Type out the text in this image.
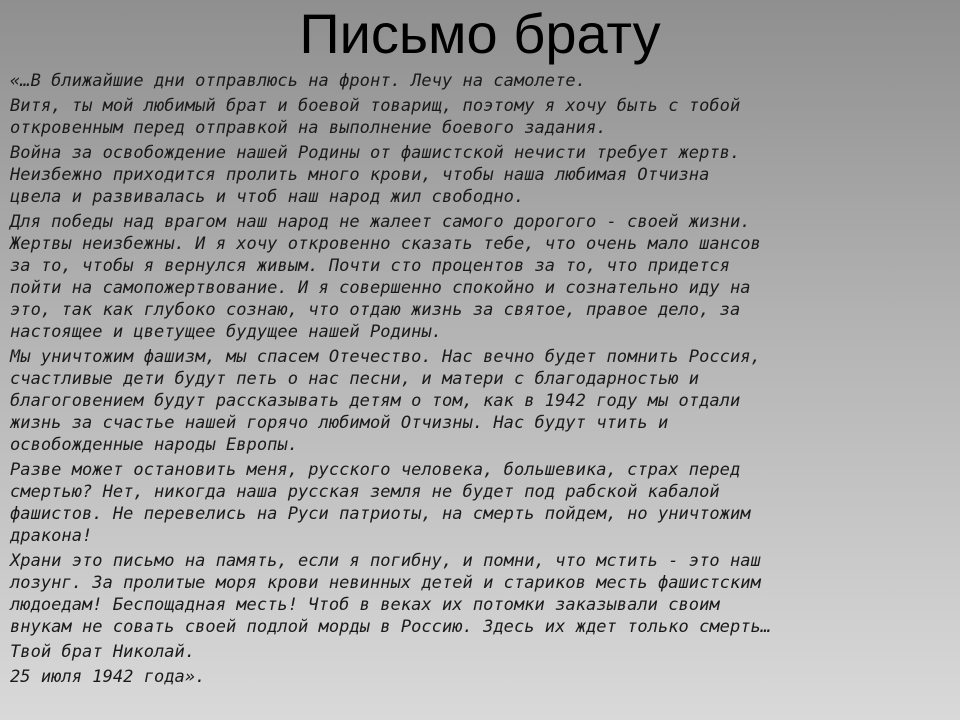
Письмо брату
«…В ближайшие дни отправлюсь на фронт. Лечу на самолете.
Витя, ты мой любимый брат и боевой товарищ, поэтому я хочу быть с тобой
откровенным перед отправкой на выполнение боевого задания.
Война за освобождение нашей Родины от фашистской нечисти требует жертв.
Неизбежно приходится пролить много крови, чтобы наша любимая Отчизна
цвела и развивалась и чтоб наш народ жил свободно.
Для победы над врагом наш народ не жалеет самого дорогого - своей жизни.
Жертвы неизбежны. И я хочу откровенно сказать тебе, что очень мало шансов
за то, чтобы я вернулся живым. Почти сто процентов за то, что придется
пойти на самопожертвование. И я совершенно спокойно и сознательно иду на
это, так как глубоко сознаю, что отдаю жизнь за святое, правое дело, за
настоящее и цветущее будущее нашей Родины.
Мы уничтожим фашизм, мы спасем Отечество. Нас вечно будет помнить Россия,
счастливые дети будут петь о нас песни, и матери с благодарностью и
благоговением будут рассказывать детям о том, как в 1942 году мы отдали
жизнь за счастье нашей горячо любимой Отчизны. Нас будут чтить и
освобожденные народы Европы.
Разве может остановить меня, русского человека, большевика, страх перед
смертью? Нет, никогда наша русская земля не будет под рабской кабалой
фашистов. Не перевелись на Руси патриоты, на смерть пойдем, но уничтожим
дракона!
Храни это письмо на память, если я погибну, и помни, что мстить - это наш
лозунг. За пролитые моря крови невинных детей и стариков месть фашистским
людоедам! Беспощадная месть! Чтоб в веках их потомки заказывали своим
внукам не совать своей подлой морды в Россию. Здесь их ждет только смерть…
Твой брат Николай.
25 июля 1942 года».
